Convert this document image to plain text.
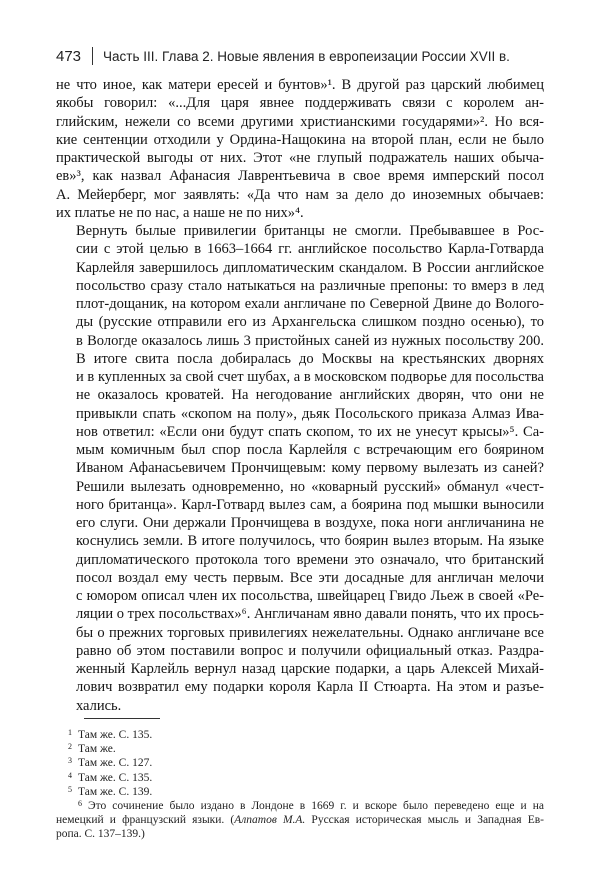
473 Часть III. Глава 2. Новые явления в европеизации России XVII в.

не что иное, как матери ересей и бунтов»¹. В другой раз царский любимец
якобы говорил: «...Для царя явнее поддерживать связи с королем ан-
глийским, нежели со всеми другими христианскими государями»². Но вся-
кие сентенции отходили у Ордина-Нащокина на второй план, если не было
практической выгоды от них. Этот «не глупый подражатель наших обыча-
ев»³, как назвал Афанасия Лаврентьевича в свое время имперский посол
А. Мейерберг, мог заявлять: «Да что нам за дело до иноземных обычаев:
их платье не по нас, а наше не по них»⁴.

Вернуть былые привилегии британцы не смогли. Пребывавшее в Рос-
сии с этой целью в 1663–1664 гг. английское посольство Карла-Готварда
Карлейля завершилось дипломатическим скандалом. В России английское
посольство сразу стало натыкаться на различные препоны: то вмерз в лед
плот-дощаник, на котором ехали англичане по Северной Двине до Волого-
ды (русские отправили его из Архангельска слишком поздно осенью), то
в Вологде оказалось лишь 3 пристойных саней из нужных посольству 200.
В итоге свита посла добиралась до Москвы на крестьянских дворнях
и в купленных за свой счет шубах, а в московском подворье для посольства
не оказалось кроватей. На негодование английских дворян, что они не
привыкли спать «скопом на полу», дьяк Посольского приказа Алмаз Ива-
нов ответил: «Если они будут спать скопом, то их не унесут крысы»⁵. Са-
мым комичным был спор посла Карлейля с встречающим его боярином
Иваном Афанасьевичем Прончищевым: кому первому вылезать из саней?
Решили вылезать одновременно, но «коварный русский» обманул «чест-
ного британца». Карл-Готвард вылез сам, а боярина под мышки выносили
его слуги. Они держали Прончищева в воздухе, пока ноги англичанина не
коснулись земли. В итоге получилось, что боярин вылез вторым. На языке
дипломатического протокола того времени это означало, что британский
посол воздал ему честь первым. Все эти досадные для англичан мелочи
с юмором описал член их посольства, швейцарец Гвидо Льеж в своей «Ре-
ляции о трех посольствах»⁶. Англичанам явно давали понять, что их прось-
бы о прежних торговых привилегиях нежелательны. Однако англичане все
равно об этом поставили вопрос и получили официальный отказ. Раздра-
женный Карлейль вернул назад царские подарки, а царь Алексей Михай-
лович возвратил ему подарки короля Карла II Стюарта. На этом и разъе-
хались.

1 Там же. С. 135.
2 Там же.
3 Там же. С. 127.
4 Там же. С. 135.
5 Там же. С. 139.
$^6$ Это сочинение было издано в Лондоне в 1669 г. и вскоре было переведено еще и на
немецкий и французский языки. (Алпатов М.А. Русская историческая мысль и Западная Ев-
ропа. С. 137–139.)
